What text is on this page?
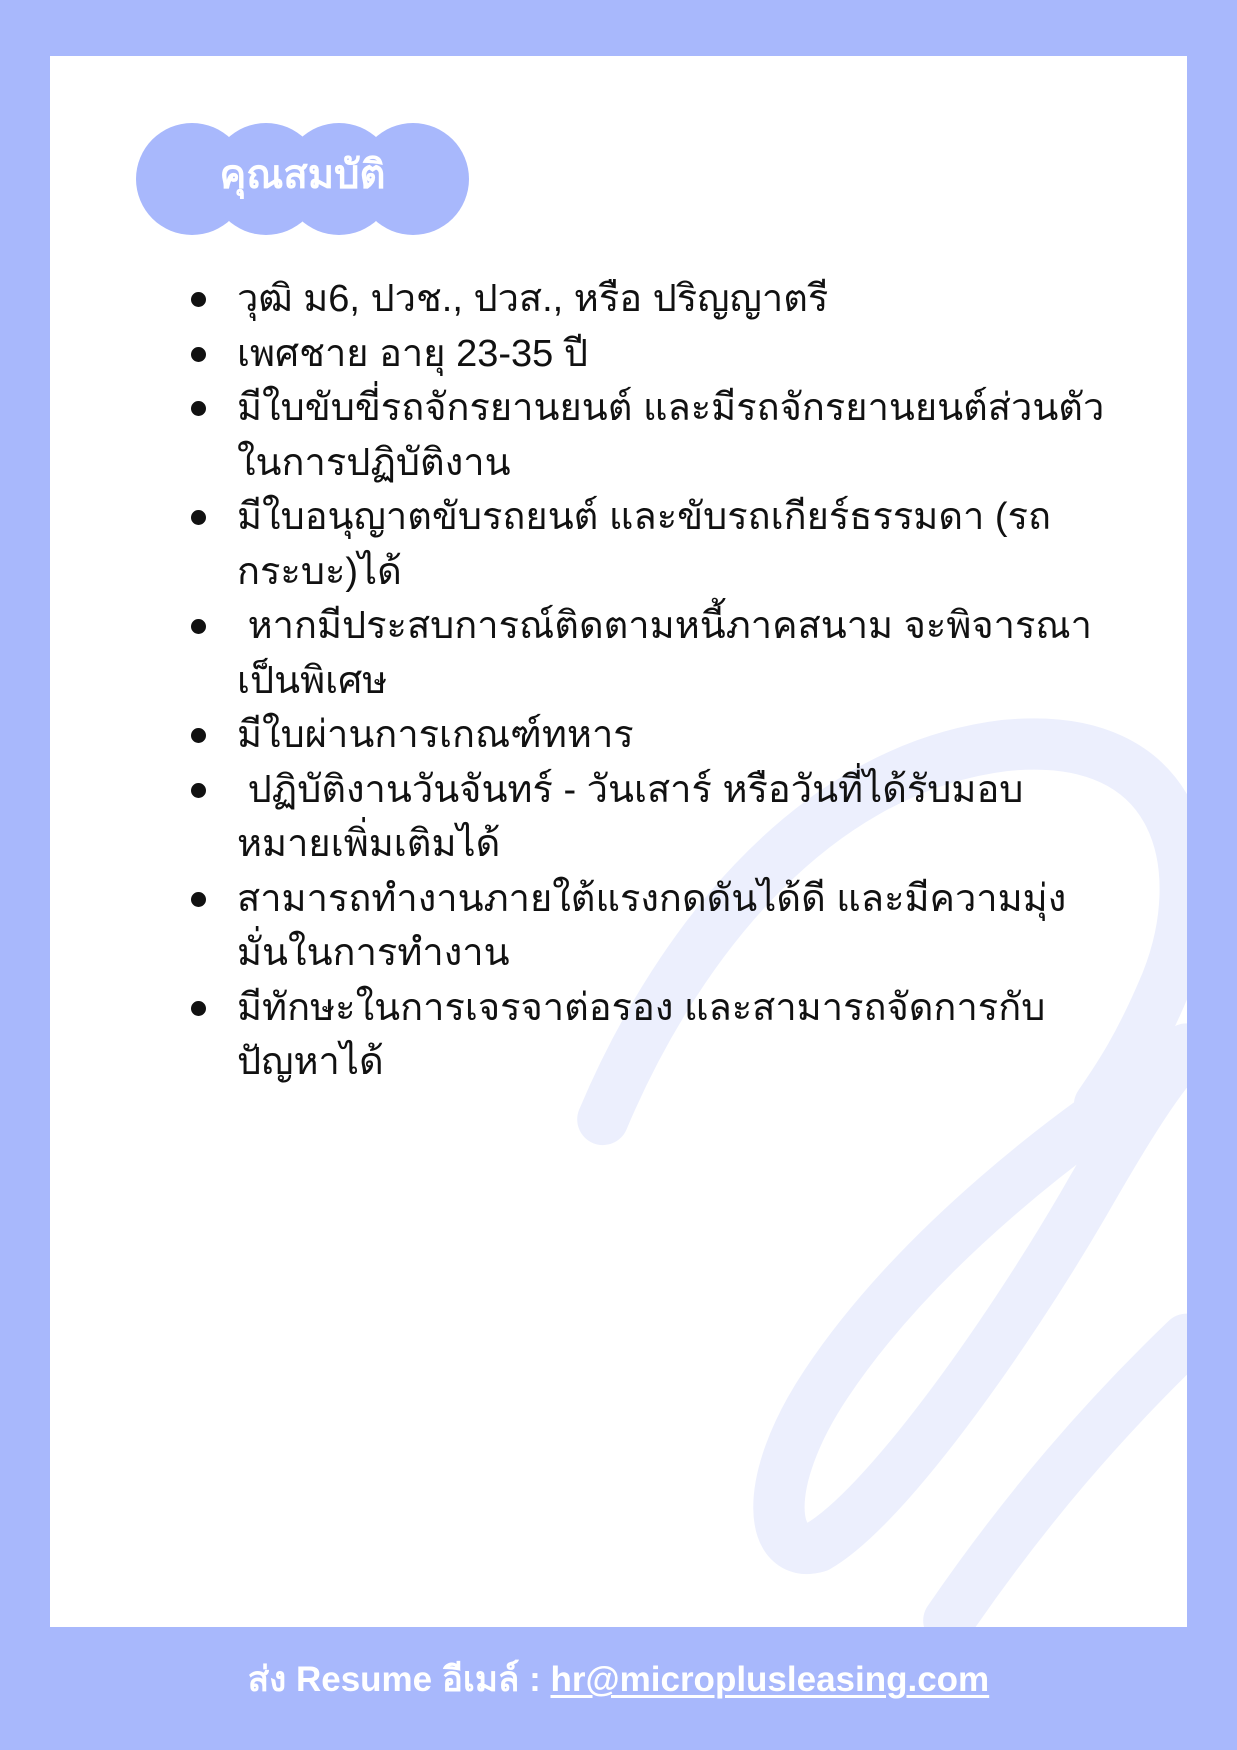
คุณสมบัติ
วุฒิ ม6, ปวช., ปวส., หรือ ปริญญาตรี
เพศชาย อายุ 23-35 ปี
มีใบขับขี่รถจักรยานยนต์ และมีรถจักรยานยนต์ส่วนตัวในการปฏิบัติงาน
มีใบอนุญาตขับรถยนต์ และขับรถเกียร์ธรรมดา (รถกระบะ)ได้
หากมีประสบการณ์ติดตามหนี้ภาคสนาม จะพิจารณาเป็นพิเศษ
มีใบผ่านการเกณฑ์ทหาร
ปฏิบัติงานวันจันทร์ - วันเสาร์ หรือวันที่ได้รับมอบหมายเพิ่มเติมได้
สามารถทำงานภายใต้แรงกดดันได้ดี และมีความมุ่งมั่นในการทำงาน
มีทักษะในการเจรจาต่อรอง และสามารถจัดการกับปัญหาได้
ส่ง Resume อีเมล์ : hr@microplusleasing.com
